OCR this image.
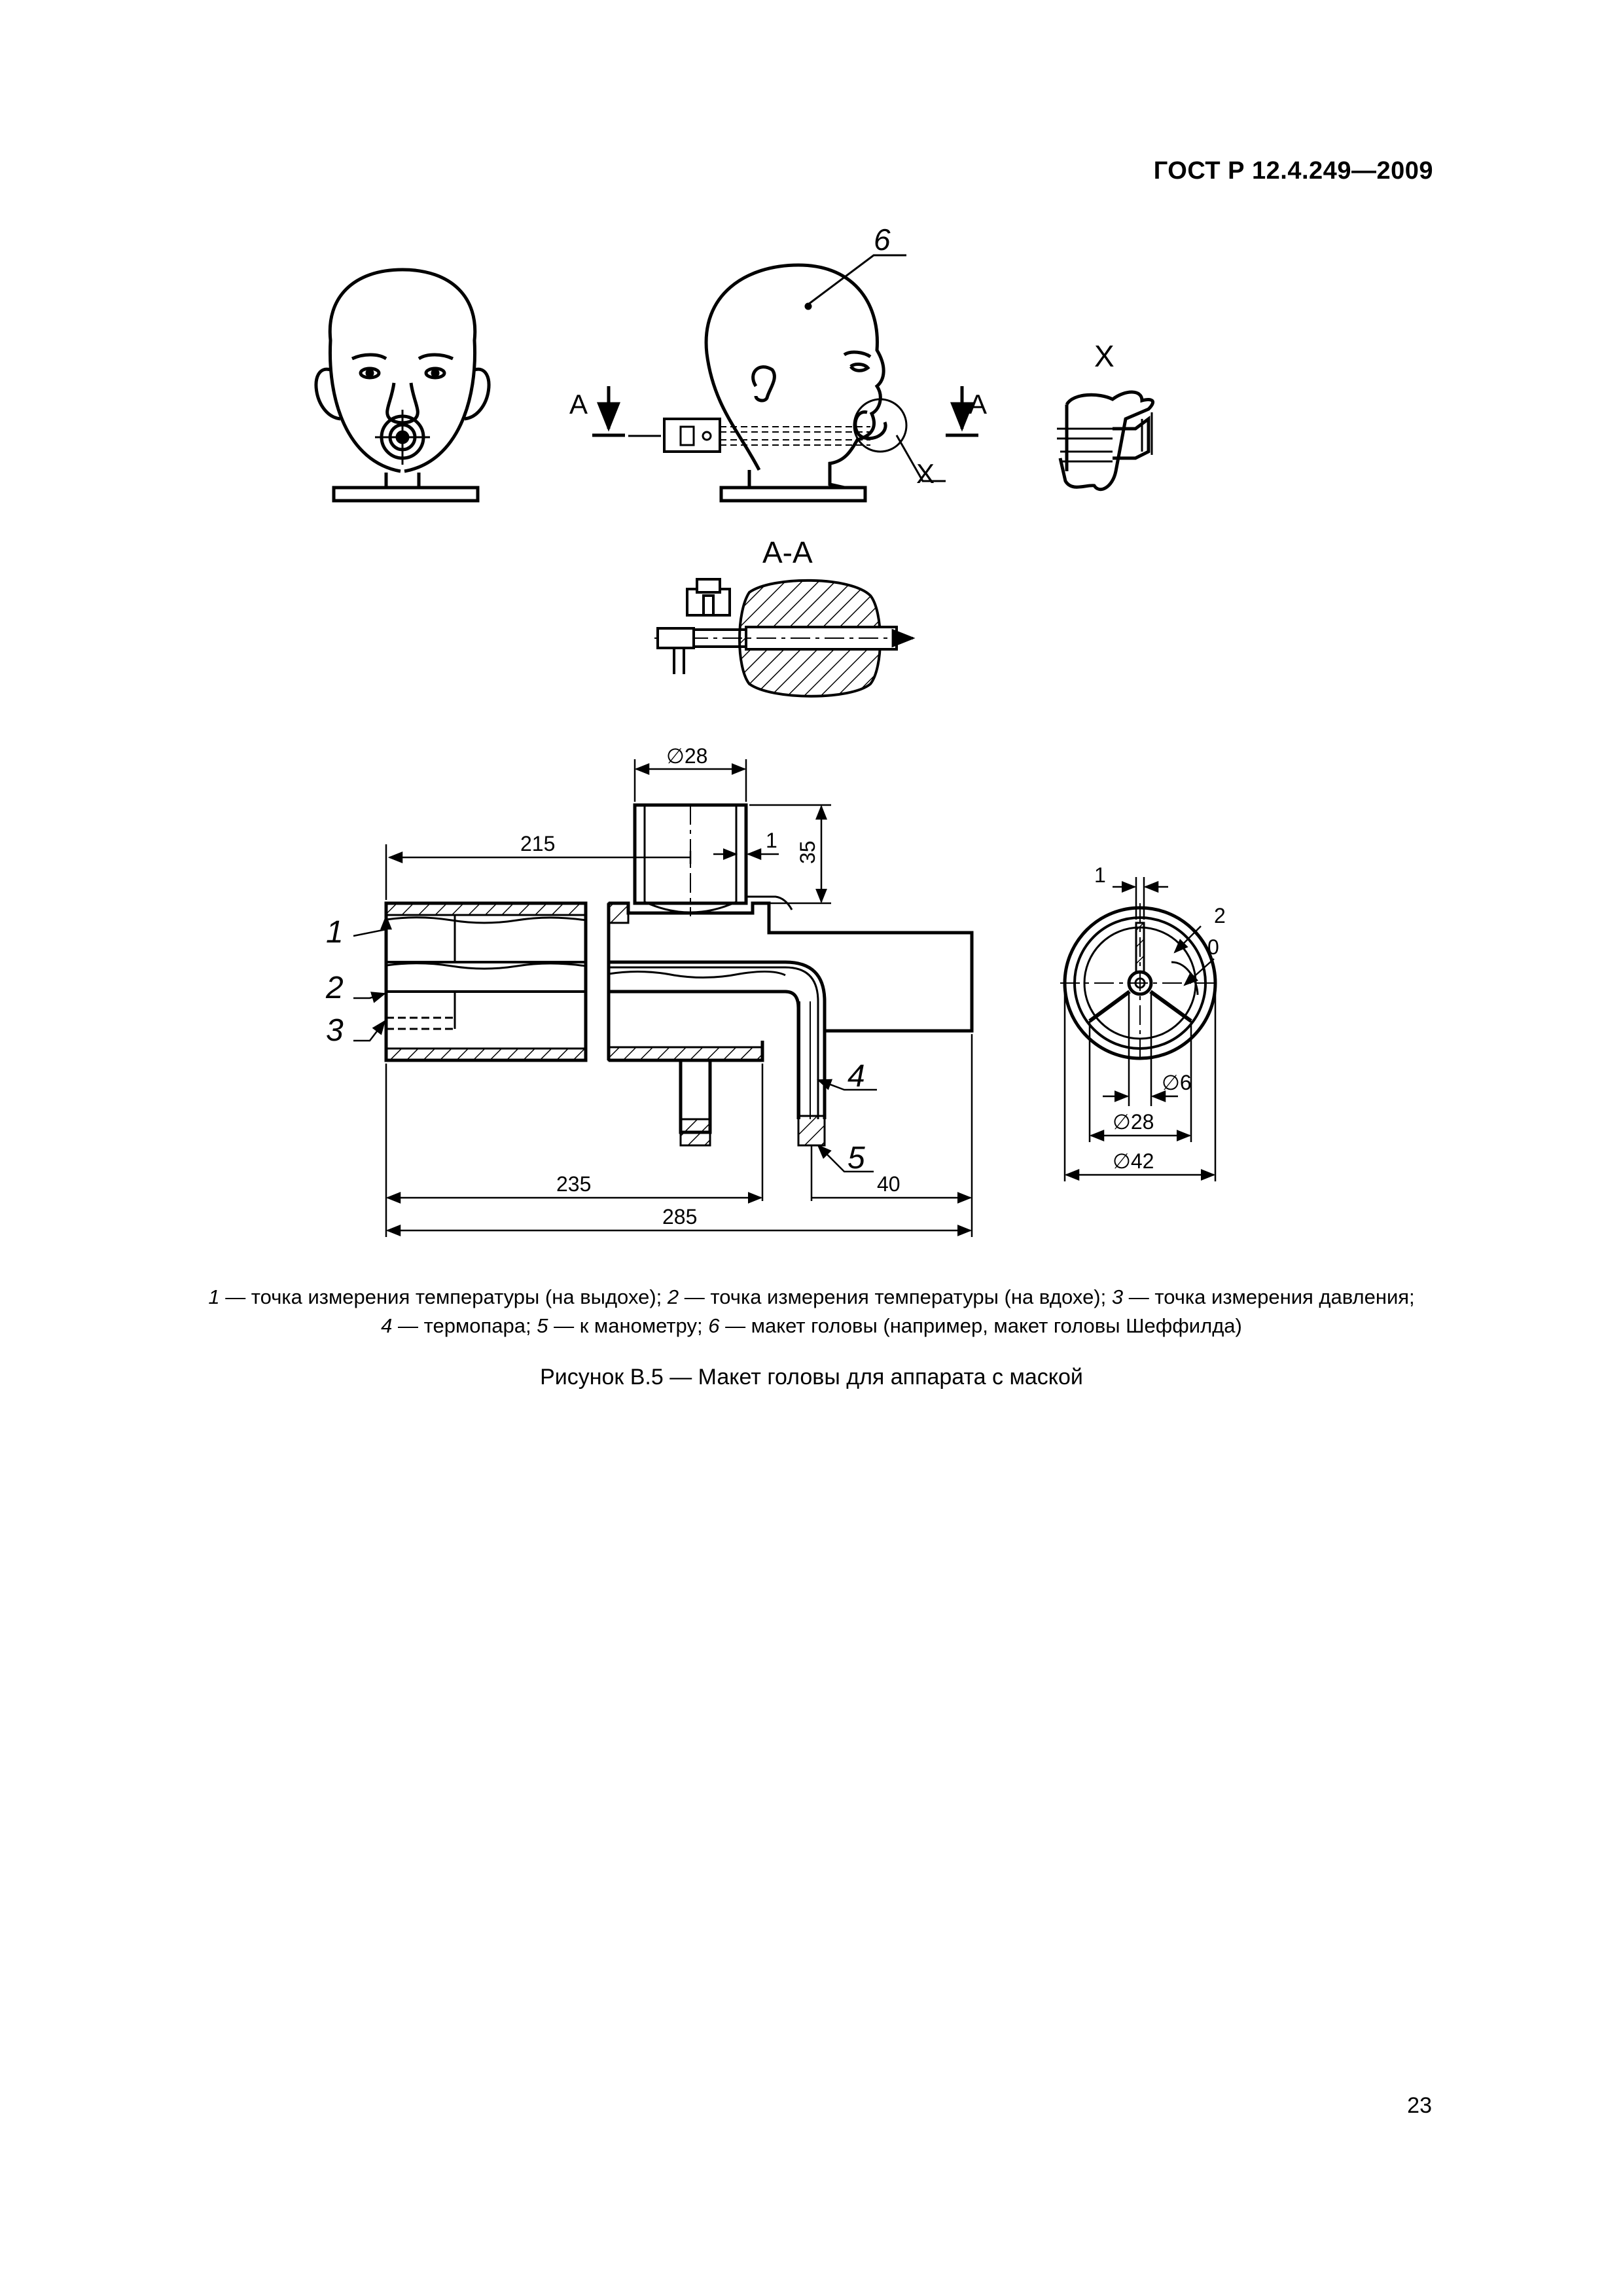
ГОСТ Р 12.4.249—2009
А	А
X
6
X
А-А
∅28
215	1
35
235	40
285
1
2
3
4
5
1
2
0
∅6
∅28
∅42
1 — точка измерения температуры (на выдохе); 2 — точка измерения температуры (на вдохе); 3 — точка измерения давления;
4 — термопара; 5 — к манометру; 6 — макет головы (например, макет головы Шеффилда)
Рисунок В.5 — Макет головы для аппарата с маской
23
